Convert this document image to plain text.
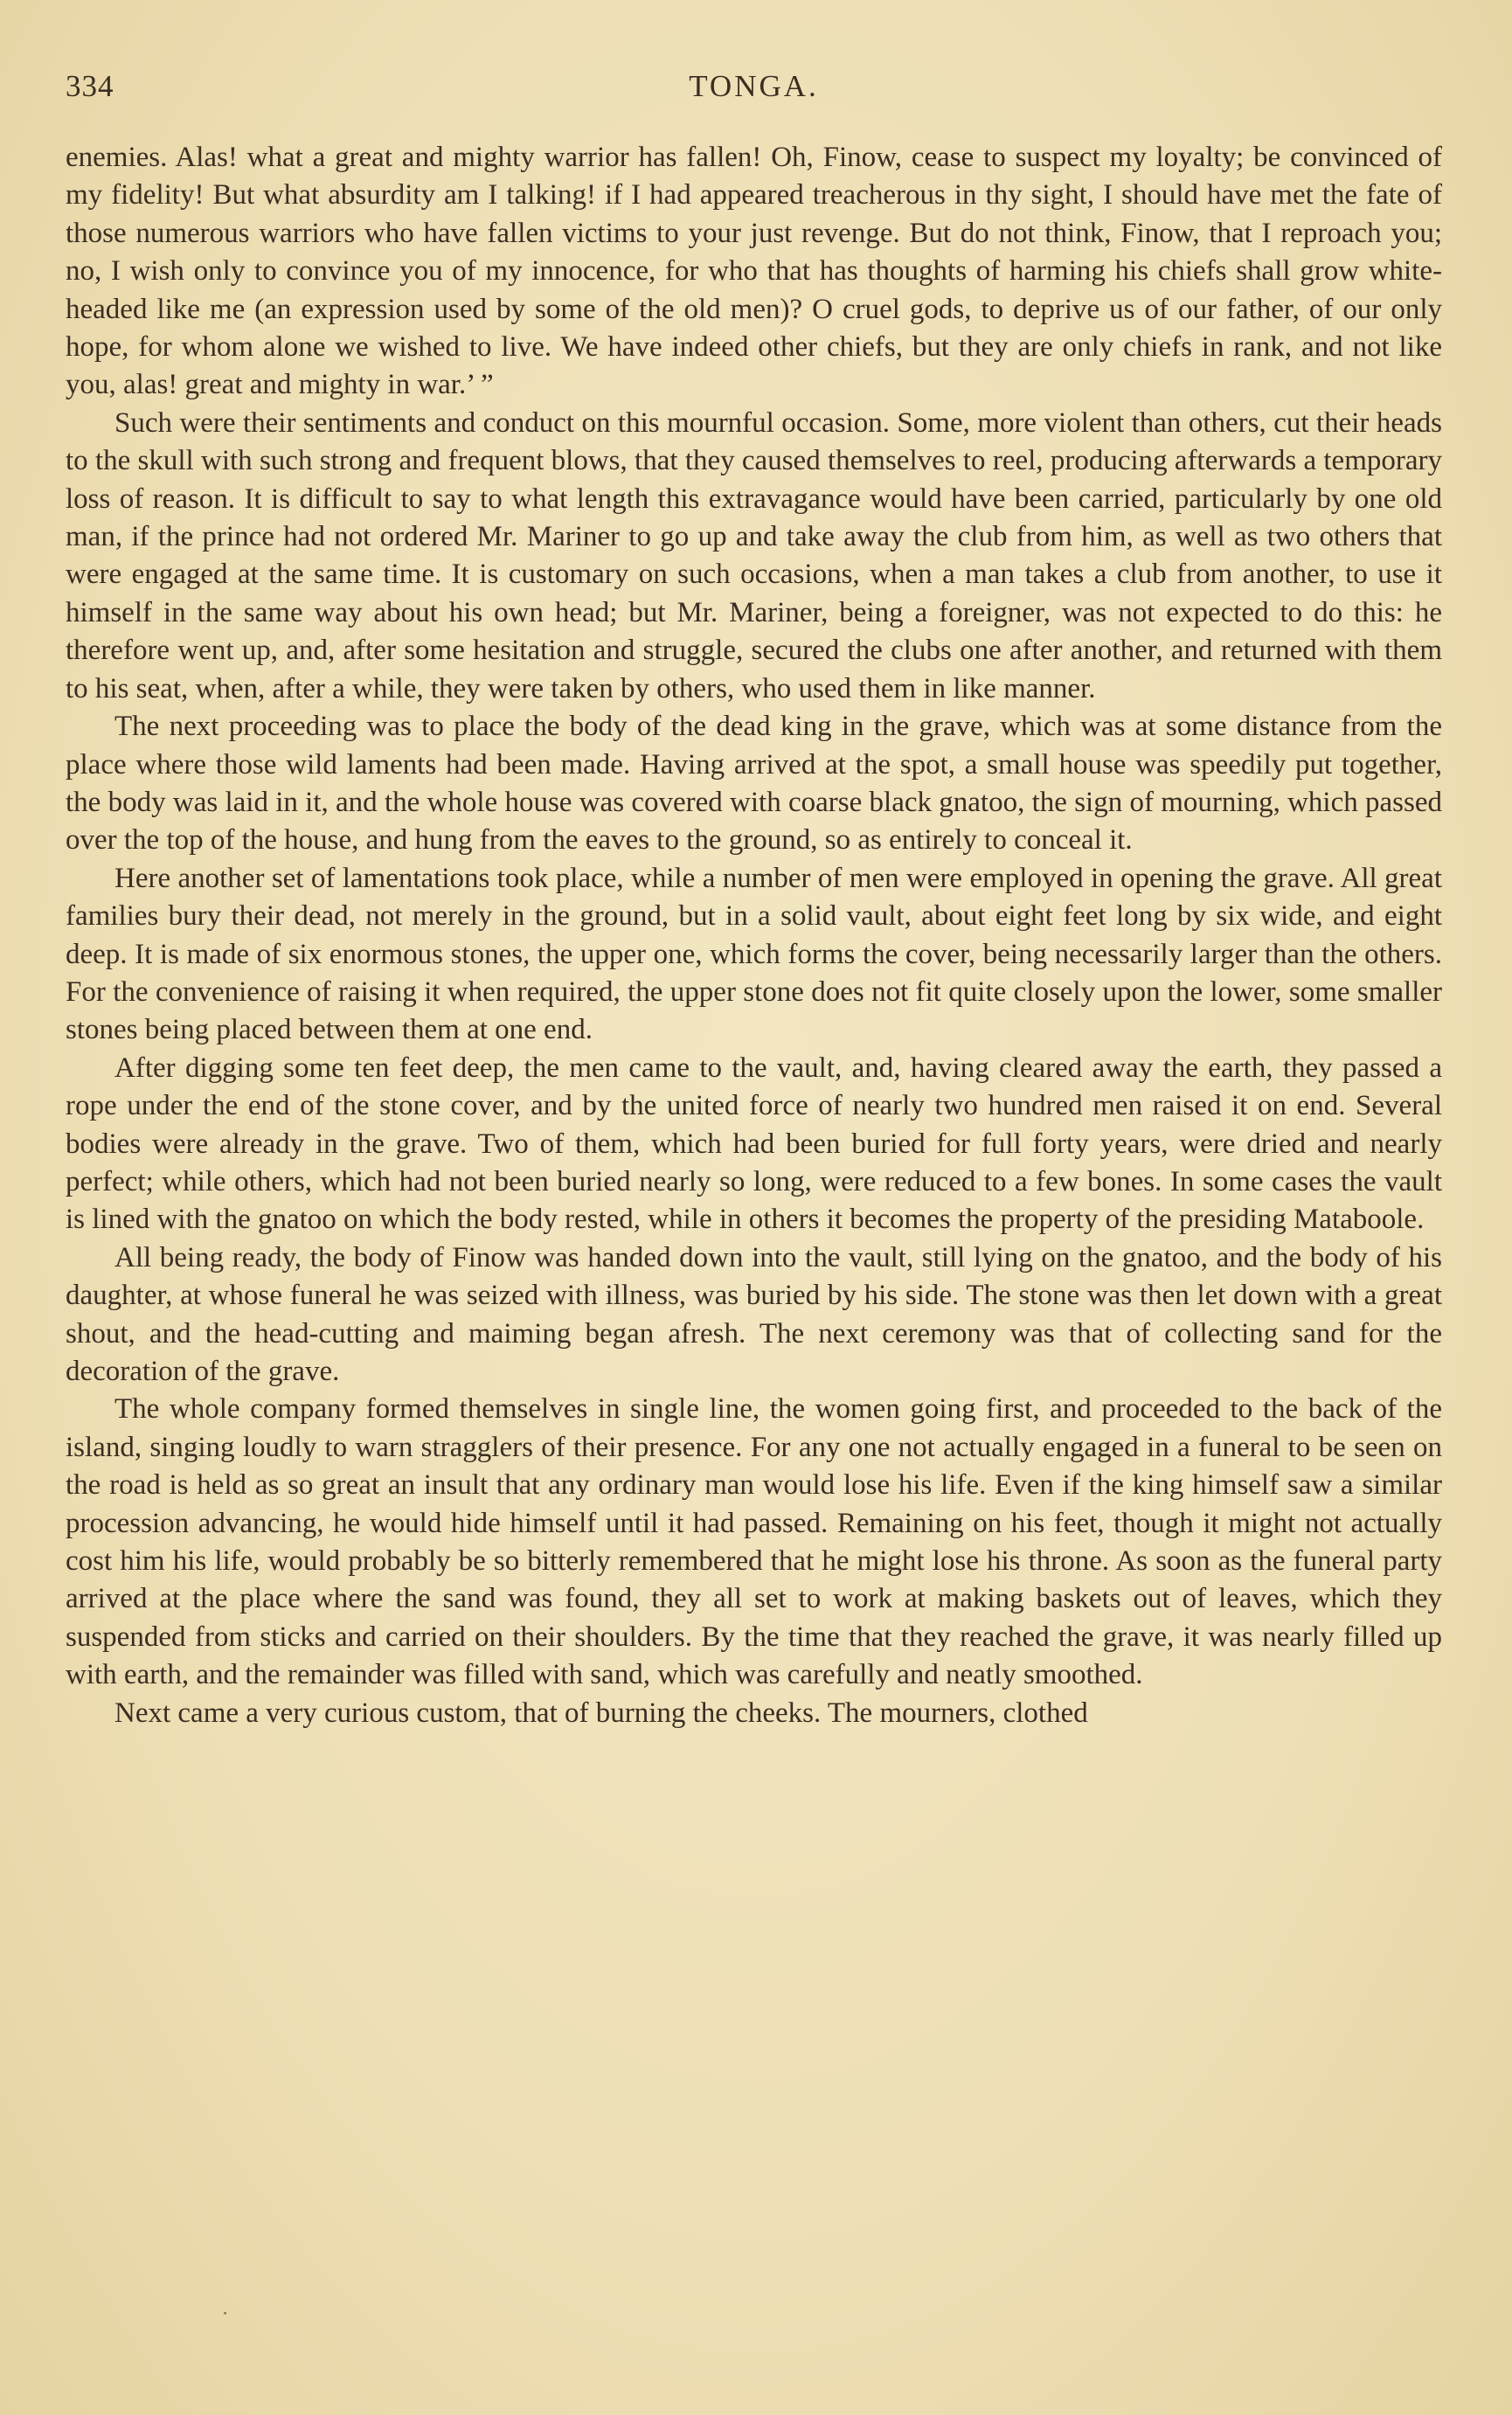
334	TONGA.

enemies. Alas! what a great and mighty warrior has fallen! Oh, Finow, cease to suspect my loyalty; be convinced of my fidelity! But what absurdity am I talking! if I had appeared treacherous in thy sight, I should have met the fate of those numerous warriors who have fallen victims to your just revenge. But do not think, Finow, that I reproach you; no, I wish only to convince you of my innocence, for who that has thoughts of harming his chiefs shall grow white-headed like me (an expression used by some of the old men)? O cruel gods, to deprive us of our father, of our only hope, for whom alone we wished to live. We have indeed other chiefs, but they are only chiefs in rank, and not like you, alas! great and mighty in war.’ ”

Such were their sentiments and conduct on this mournful occasion. Some, more violent than others, cut their heads to the skull with such strong and frequent blows, that they caused themselves to reel, producing afterwards a temporary loss of reason. It is difficult to say to what length this extravagance would have been carried, particularly by one old man, if the prince had not ordered Mr. Mariner to go up and take away the club from him, as well as two others that were engaged at the same time. It is customary on such occasions, when a man takes a club from another, to use it himself in the same way about his own head; but Mr. Mariner, being a foreigner, was not expected to do this: he therefore went up, and, after some hesitation and struggle, secured the clubs one after another, and returned with them to his seat, when, after a while, they were taken by others, who used them in like manner.

The next proceeding was to place the body of the dead king in the grave, which was at some distance from the place where those wild laments had been made. Having arrived at the spot, a small house was speedily put together, the body was laid in it, and the whole house was covered with coarse black gnatoo, the sign of mourning, which passed over the top of the house, and hung from the eaves to the ground, so as entirely to conceal it.

Here another set of lamentations took place, while a number of men were employed in opening the grave. All great families bury their dead, not merely in the ground, but in a solid vault, about eight feet long by six wide, and eight deep. It is made of six enormous stones, the upper one, which forms the cover, being necessarily larger than the others. For the convenience of raising it when required, the upper stone does not fit quite closely upon the lower, some smaller stones being placed between them at one end.

After digging some ten feet deep, the men came to the vault, and, having cleared away the earth, they passed a rope under the end of the stone cover, and by the united force of nearly two hundred men raised it on end. Several bodies were already in the grave. Two of them, which had been buried for full forty years, were dried and nearly perfect; while others, which had not been buried nearly so long, were reduced to a few bones. In some cases the vault is lined with the gnatoo on which the body rested, while in others it becomes the property of the presiding Mataboole.

All being ready, the body of Finow was handed down into the vault, still lying on the gnatoo, and the body of his daughter, at whose funeral he was seized with illness, was buried by his side. The stone was then let down with a great shout, and the head-cutting and maiming began afresh. The next ceremony was that of collecting sand for the decoration of the grave.

The whole company formed themselves in single line, the women going first, and proceeded to the back of the island, singing loudly to warn stragglers of their presence. For any one not actually engaged in a funeral to be seen on the road is held as so great an insult that any ordinary man would lose his life. Even if the king himself saw a similar procession advancing, he would hide himself until it had passed. Remaining on his feet, though it might not actually cost him his life, would probably be so bitterly remembered that he might lose his throne. As soon as the funeral party arrived at the place where the sand was found, they all set to work at making baskets out of leaves, which they suspended from sticks and carried on their shoulders. By the time that they reached the grave, it was nearly filled up with earth, and the remainder was filled with sand, which was carefully and neatly smoothed.

Next came a very curious custom, that of burning the cheeks. The mourners, clothed
